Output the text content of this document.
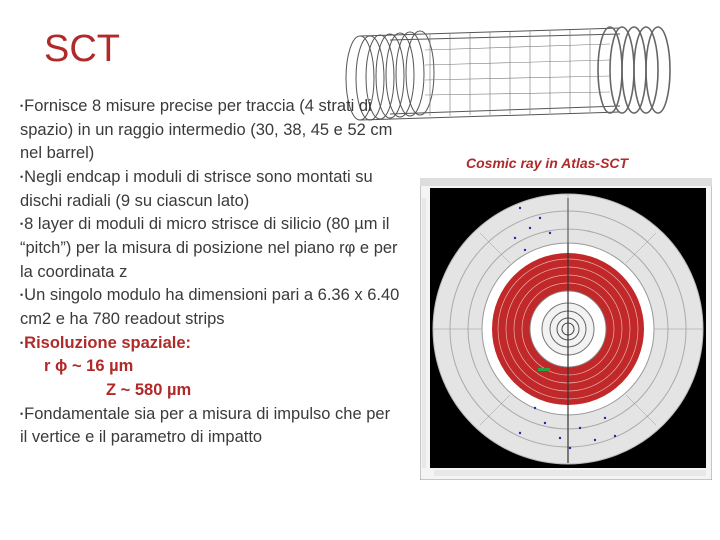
SCT

•Fornisce 8 misure precise per traccia (4 strati di spazio) in un raggio intermedio (30, 38, 45 e 52 cm nel barrel)

•Negli endcap i moduli di strisce sono montati su dischi radiali (9 su ciascun lato)

•8 layer di moduli di micro strisce di silicio (80 µm il “pitch”) per la misura di posizione nel piano rφ e per la coordinata z

•Un singolo modulo ha dimensioni pari a 6.36 x 6.40 cm2 e ha 780 readout strips

•Risoluzione spaziale:

r ϕ ~ 16 µm

Z ~ 580 µm

•Fondamentale sia per a misura di impulso che per il vertice e il parametro di impatto

Cosmic ray in Atlas-SCT
